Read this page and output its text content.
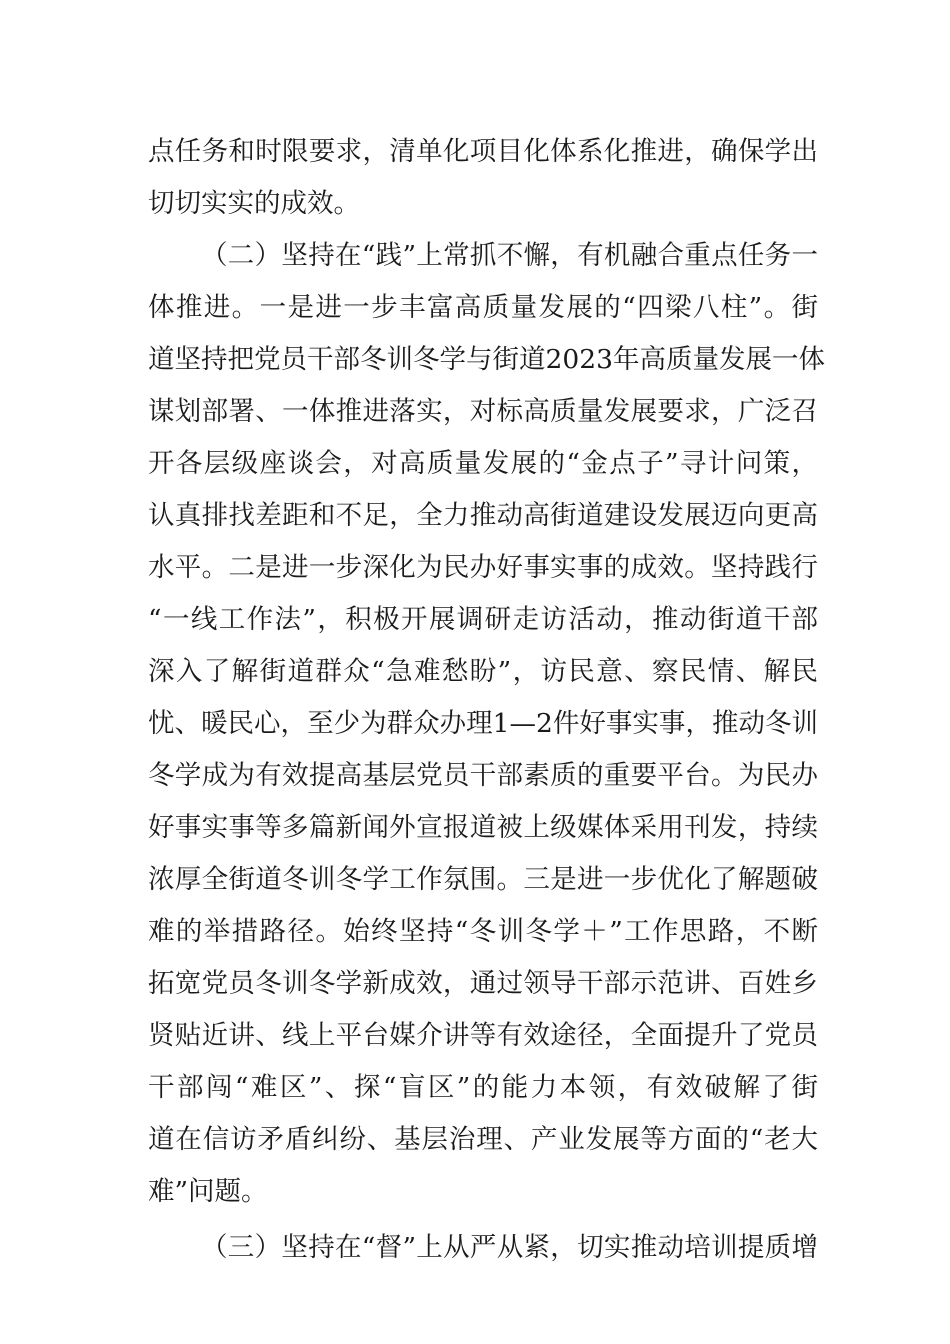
点任务和时限要求，清单化项目化体系化推进，确保学出
切切实实的成效。
（二）坚持在“践”上常抓不懈，有机融合重点任务一
体推进。一是进一步丰富高质量发展的“四梁八柱”。街
道坚持把党员干部冬训冬学与街道2023年高质量发展一体
谋划部署、一体推进落实，对标高质量发展要求，广泛召
开各层级座谈会，对高质量发展的“金点子”寻计问策，
认真排找差距和不足，全力推动高街道建设发展迈向更高
水平。二是进一步深化为民办好事实事的成效。坚持践行
“一线工作法”，积极开展调研走访活动，推动街道干部
深入了解街道群众“急难愁盼”，访民意、察民情、解民
忧、暖民心，至少为群众办理1—2件好事实事，推动冬训
冬学成为有效提高基层党员干部素质的重要平台。为民办
好事实事等多篇新闻外宣报道被上级媒体采用刊发，持续
浓厚全街道冬训冬学工作氛围。三是进一步优化了解题破
难的举措路径。始终坚持“冬训冬学＋”工作思路，不断
拓宽党员冬训冬学新成效，通过领导干部示范讲、百姓乡
贤贴近讲、线上平台媒介讲等有效途径，全面提升了党员
干部闯“难区”、探“盲区”的能力本领，有效破解了街
道在信访矛盾纠纷、基层治理、产业发展等方面的“老大
难”问题。
（三）坚持在“督”上从严从紧，切实推动培训提质增
